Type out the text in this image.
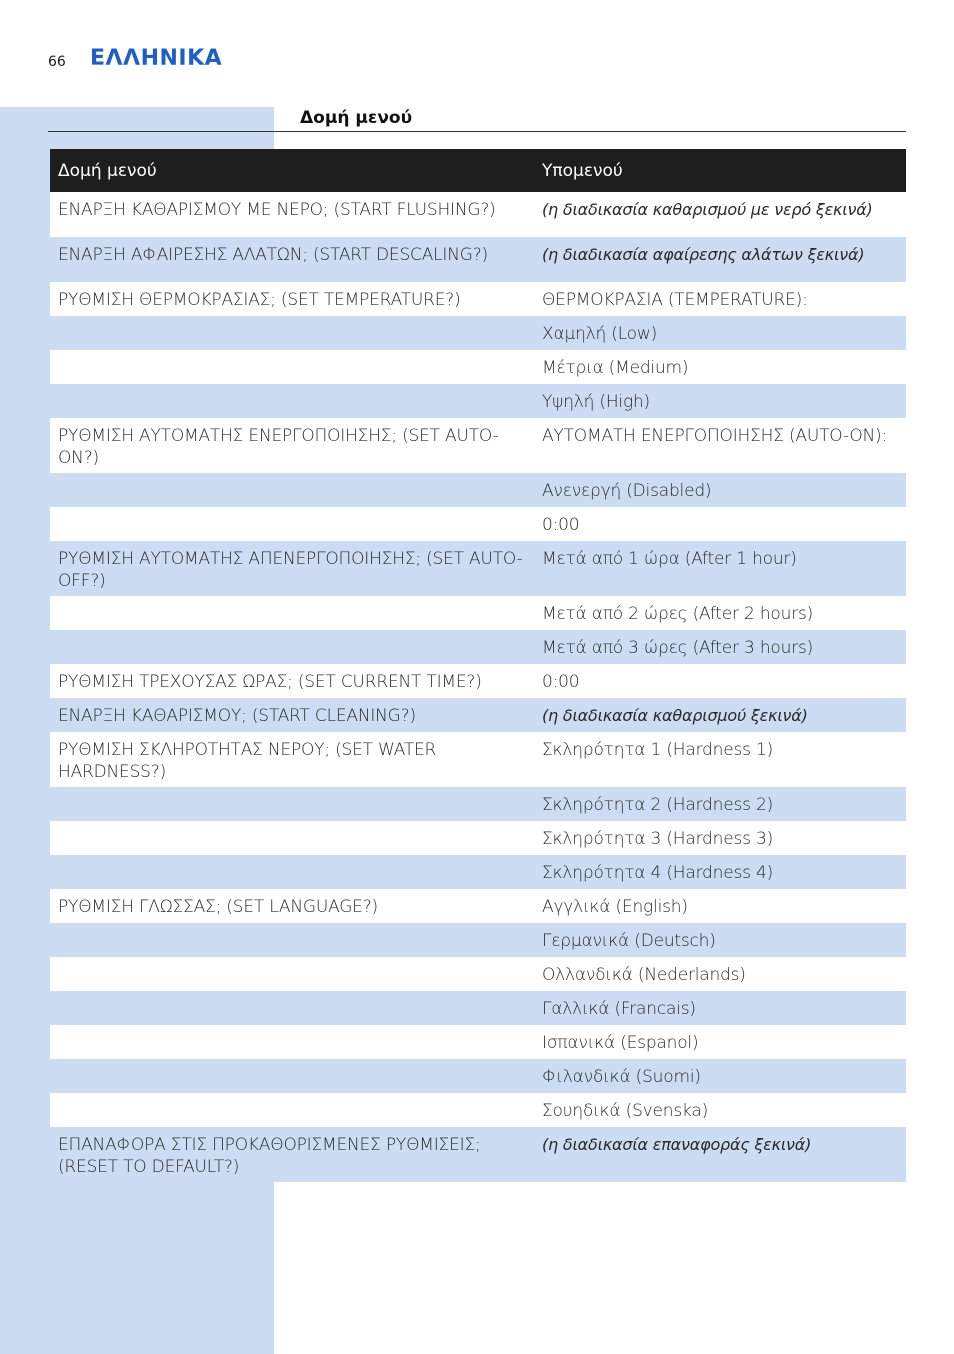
66 ΕΛΛΗΝΙΚΑ
Δομή μενού
Δομή μενού	Υπομενού
ΕΝΑΡΞΗ ΚΑΘΑΡΙΣΜΟΥ ΜΕ ΝΕΡΟ; (START FLUSHING?)	(η διαδικασία καθαρισμού με νερό ξεκινά)
ΕΝΑΡΞΗ ΑΦΑΙΡΕΣΗΣ ΑΛΑΤΩΝ; (START DESCALING?)	(η διαδικασία αφαίρεσης αλάτων ξεκινά)
ΡΥΘΜΙΣΗ ΘΕΡΜΟΚΡΑΣΙΑΣ; (SET TEMPERATURE?)	ΘΕΡΜΟΚΡΑΣΙΑ (TEMPERATURE):
	Χαμηλή (Low)
	Μέτρια (Medium)
	Υψηλή (High)
ΡΥΘΜΙΣΗ ΑΥΤΟΜΑΤΗΣ ΕΝΕΡΓΟΠΟΙΗΣΗΣ; (SET AUTO-ON?)	ΑΥΤΟΜΑΤΗ ΕΝΕΡΓΟΠΟΙΗΣΗΣ (AUTO-ON):
	Ανενεργή (Disabled)
	0:00
ΡΥΘΜΙΣΗ ΑΥΤΟΜΑΤΗΣ ΑΠΕΝΕΡΓΟΠΟΙΗΣΗΣ; (SET AUTO-OFF?)	Μετά από 1 ώρα (After 1 hour)
	Μετά από 2 ώρες (After 2 hours)
	Μετά από 3 ώρες (After 3 hours)
ΡΥΘΜΙΣΗ ΤΡΕΧΟΥΣΑΣ ΩΡΑΣ; (SET CURRENT TIME?)	0:00
ΕΝΑΡΞΗ ΚΑΘΑΡΙΣΜΟΥ; (START CLEANING?)	(η διαδικασία καθαρισμού ξεκινά)
ΡΥΘΜΙΣΗ ΣΚΛΗΡΟΤΗΤΑΣ ΝΕΡΟΥ; (SET WATER HARDNESS?)	Σκληρότητα 1 (Hardness 1)
	Σκληρότητα 2 (Hardness 2)
	Σκληρότητα 3 (Hardness 3)
	Σκληρότητα 4 (Hardness 4)
ΡΥΘΜΙΣΗ ΓΛΩΣΣΑΣ; (SET LANGUAGE?)	Αγγλικά (English)
	Γερμανικά (Deutsch)
	Ολλανδικά (Nederlands)
	Γαλλικά (Francais)
	Ισπανικά (Espanol)
	Φιλανδικά (Suomi)
	Σουηδικά (Svenska)
ΕΠΑΝΑΦΟΡΑ ΣΤΙΣ ΠΡΟΚΑΘΟΡΙΣΜΕΝΕΣ ΡΥΘΜΙΣΕΙΣ; (RESET TO DEFAULT?)	(η διαδικασία επαναφοράς ξεκινά)
